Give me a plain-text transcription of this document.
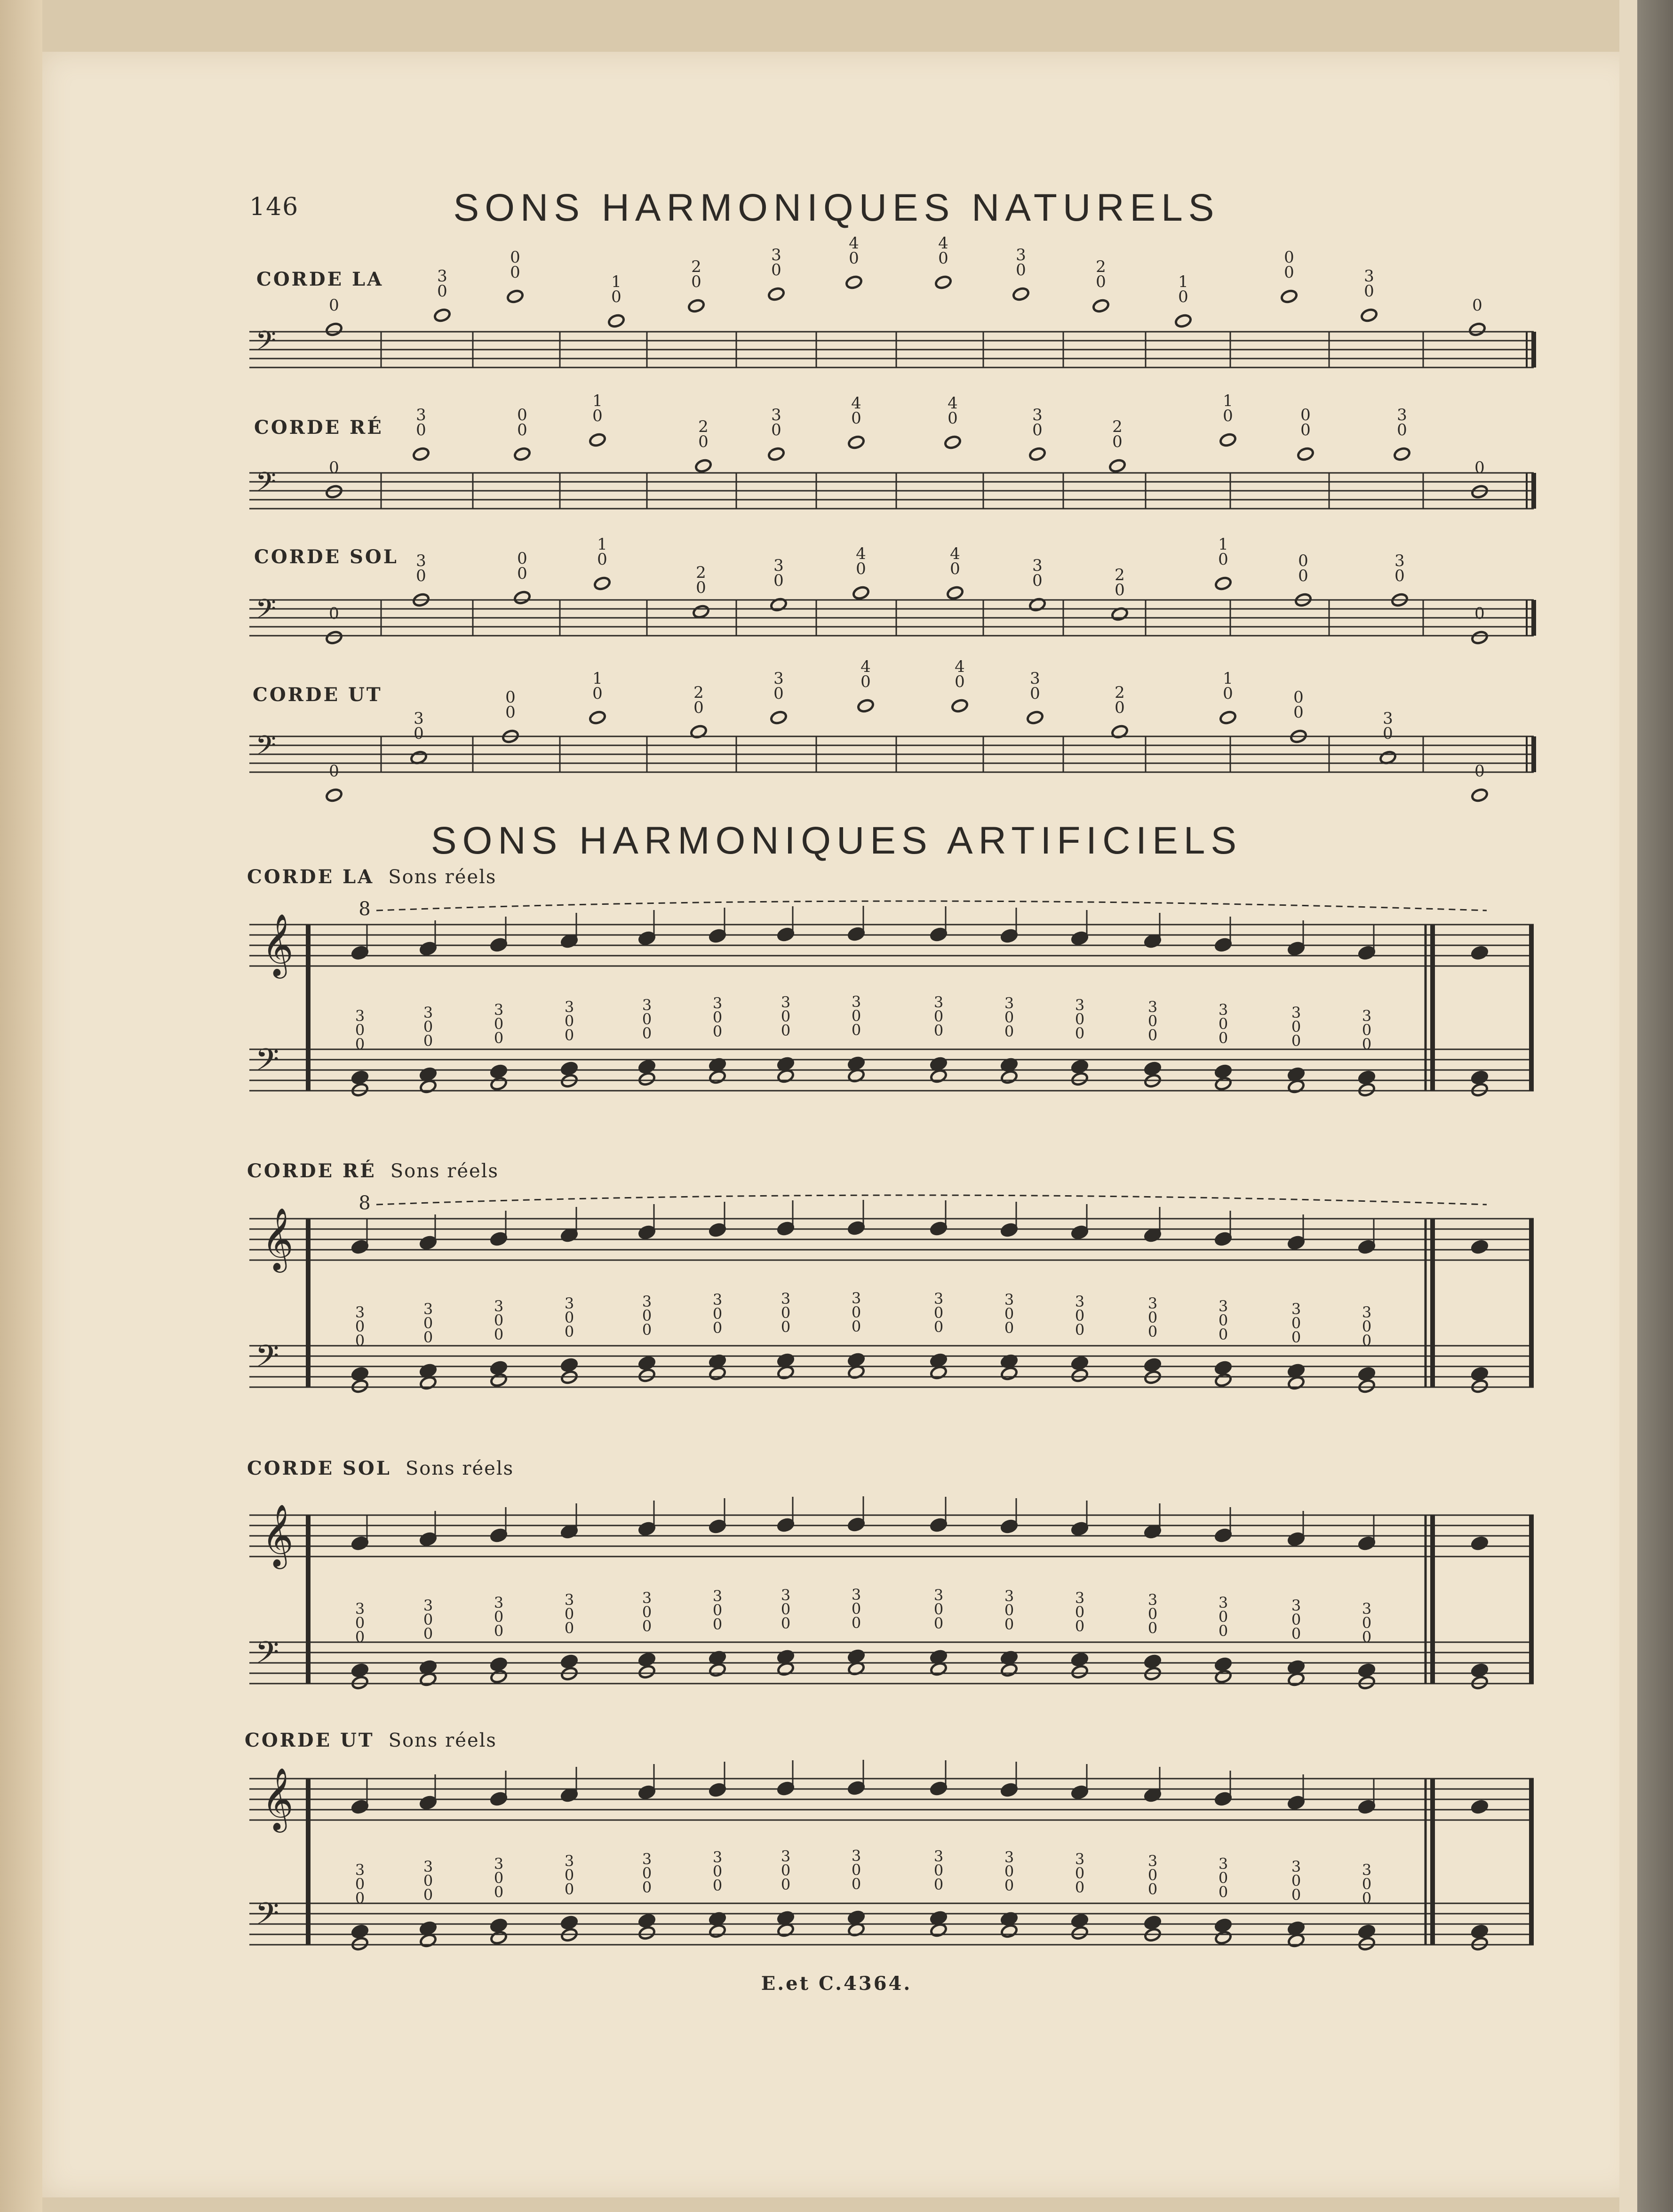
146	SONS HARMONIQUES NATURELS
SONS HARMONIQUES ARTIFICIELS
CORDE LA
CORDE RÉ
CORDE SOL
CORDE UT
CORDE LA Sons réels
CORDE RÉ Sons réels
CORDE SOL Sons réels
CORDE UT Sons réels
E.et C.4364.
𝄢
0
3
0
0
0	1
0
2
0
3
0
4
0
4
0	3
0	2
0	1
0
0
0	3
0
0
𝄢	0
3
0
0
0
1
0
2
0
3
0
4
0
4
0	3
0	2
0
1
0	0
0
3
0
0
𝄢	0
3
0
0
0
1
0
2
0
3
0
4
0
4
0	3
0	2
0
1
0	0
0
3
0
0
𝄢
0
3
0
0
0
1
0	2
0
3
0
4
0
4
0	3
0	2
0
1
0	0
0	3
0
0
𝄞
𝄢
8
3
0
0
3
0
0
3
0
0
3
0
0
3
0
0
3
0
0
3
0
0
3
0
0
3
0
0
3
0
0
3
0
0
3
0
0
3
0
0
3
0
0
3
0
0
𝄞
𝄢
8
3
0
0
3
0
0
3
0
0
3
0
0
3
0
0
3
0
0
3
0
0
3
0
0
3
0
0
3
0
0
3
0
0
3
0
0
3
0
0
3
0
0
3
0
0
𝄞
𝄢
3
0
0
3
0
0
3
0
0
3
0
0
3
0
0
3
0
0
3
0
0
3
0
0
3
0
0
3
0
0
3
0
0
3
0
0
3
0
0
3
0
0
3
0
0
𝄞
𝄢
3
0
0
3
0
0
3
0
0
3
0
0
3
0
0
3
0
0
3
0
0
3
0
0
3
0
0
3
0
0
3
0
0
3
0
0
3
0
0
3
0
0
3
0
0
